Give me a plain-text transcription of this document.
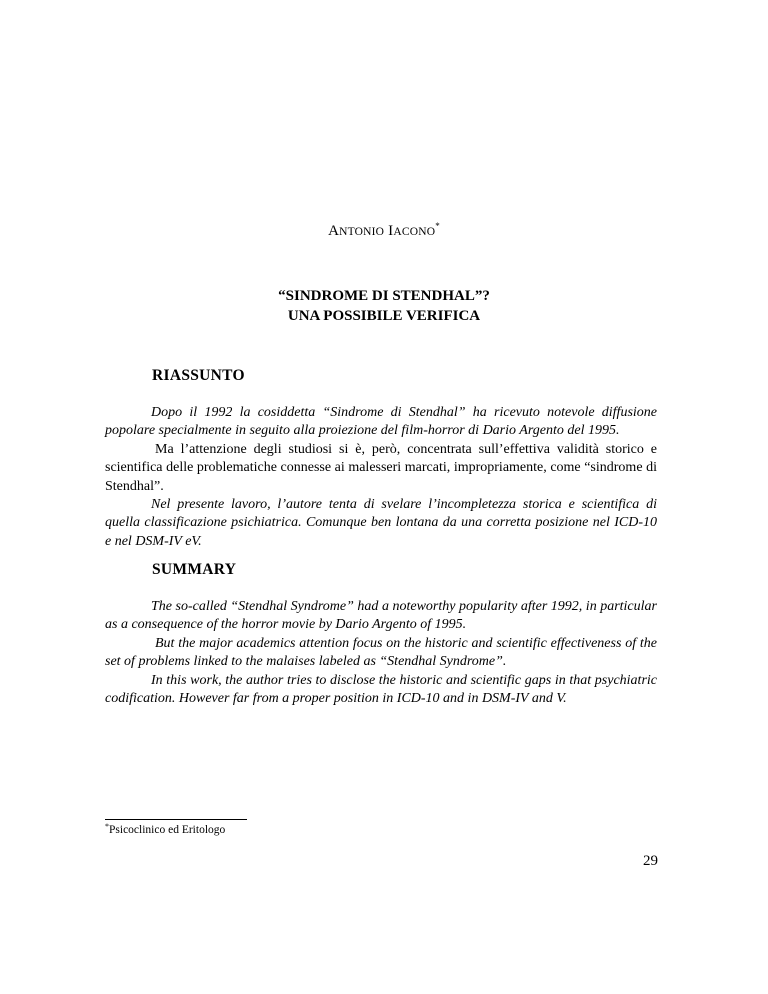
ANTONIO IACONO*
“SINDROME DI STENDHAL”?
UNA POSSIBILE VERIFICA
RIASSUNTO

Dopo il 1992 la cosiddetta “Sindrome di Stendhal” ha ricevuto notevole diffusione popolare specialmente in seguito alla proiezione del film-horror di Dario Argento del 1995.

Ma l’attenzione degli studiosi si è, però, concentrata sull’effettiva validità storico e scientifica delle problematiche connesse ai malesseri marcati, impropriamente, come “sindrome di Stendhal”.

Nel presente lavoro, l’autore tenta di svelare l’incompletezza storica e scientifica di quella classificazione psichiatrica. Comunque ben lontana da una corretta posizione nel ICD-10 e nel DSM-IV eV.

SUMMARY

The so-called “Stendhal Syndrome” had a noteworthy popularity after 1992, in particular as a consequence of the horror movie by Dario Argento of 1995.

But the major academics attention focus on the historic and scientific effectiveness of the set of problems linked to the malaises labeled as “Stendhal Syndrome”.

In this work, the author tries to disclose the historic and scientific gaps in that psychiatric codification. However far from a proper position in ICD-10 and in DSM-IV and V.

*Psicoclinico ed Eritologo
29
